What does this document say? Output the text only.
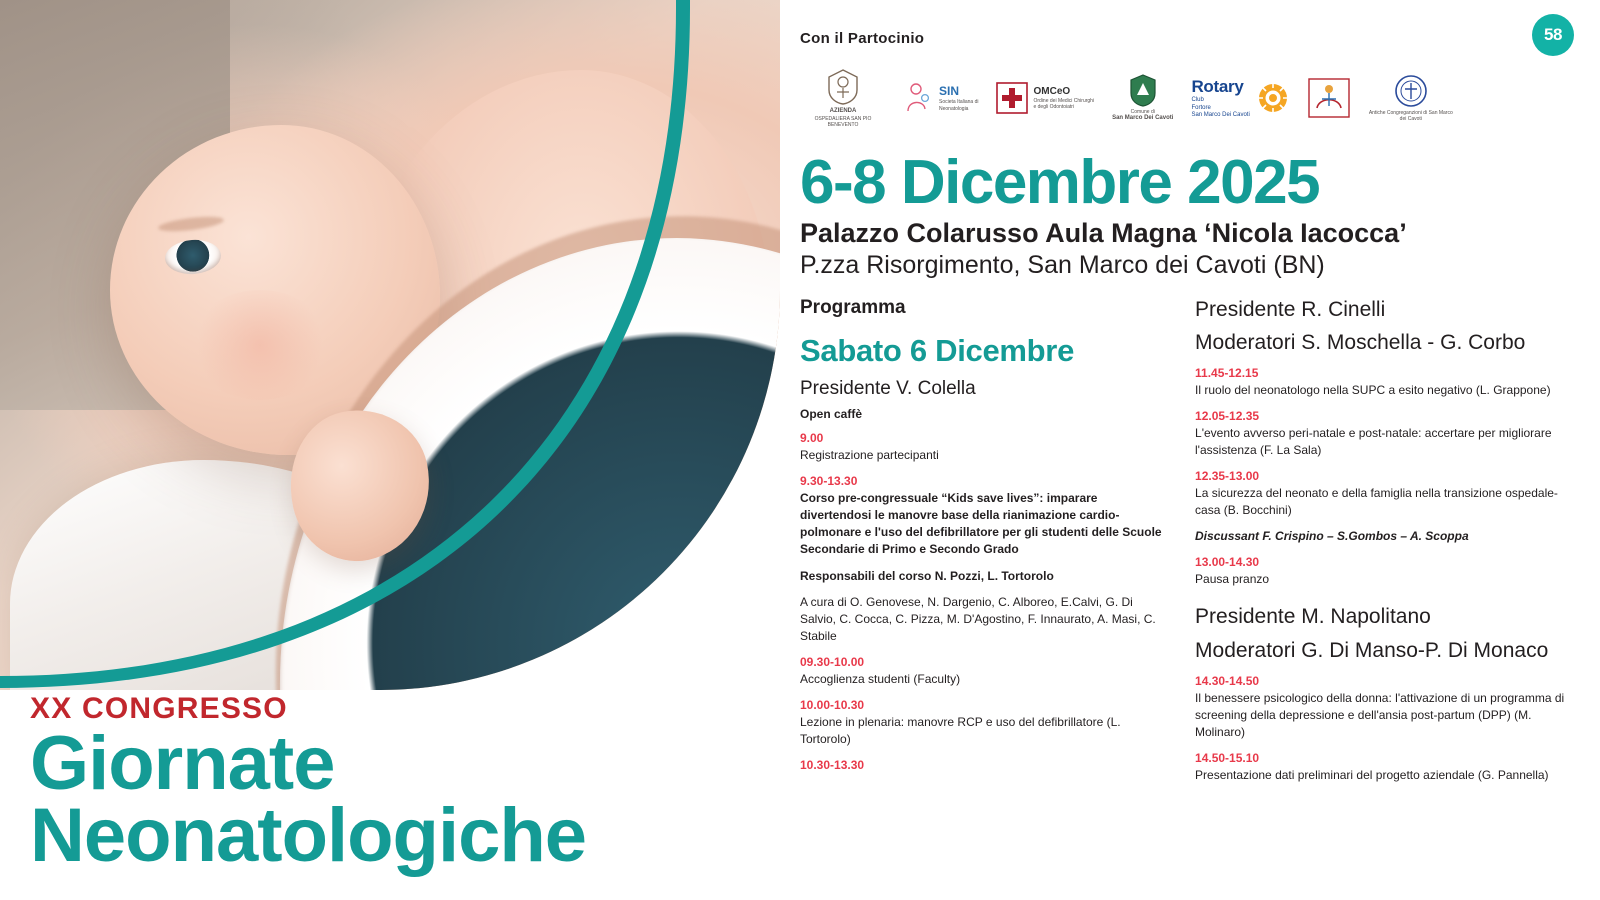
XX CONGRESSO
Giornate
Neonatologiche
58
Con il Partocinio
AZIENDA
OSPEDALIERA SAN PIO BENEVENTO
SIN
Societa Italiana di
Neonatologia
OMCeO
Ordine dei Medici Chirurghi
e degli Odontoiatri
Comune di
San Marco Dei Cavoti
Rotary
Club
Fortore
San Marco Dei Cavoti	Antiche Congreganzioni di San Marco dei Cavoti
6-8 Dicembre 2025
Palazzo Colarusso Aula Magna ‘Nicola Iacocca’
P.zza Risorgimento, San Marco dei Cavoti (BN)
Programma
Sabato 6 Dicembre
Presidente V. Colella
Open caffè
9.00
Registrazione partecipanti
9.30-13.30
Corso pre-congressuale “Kids save lives”: imparare divertendosi le manovre base della rianimazione cardio-polmonare e l'uso del defibrillatore per gli studenti delle Scuole Secondarie di Primo e Secondo Grado
Responsabili del corso N. Pozzi, L. Tortorolo
A cura di O. Genovese, N. Dargenio, C. Alboreo, E.Calvi, G. Di Salvio, C. Cocca, C. Pizza, M. D'Agostino, F. Innaurato, A. Masi, C. Stabile
09.30-10.00
Accoglienza studenti (Faculty)
10.00-10.30
Lezione in plenaria: manovre RCP e uso del defibrillatore (L. Tortorolo)
10.30-13.30
Presidente R. Cinelli
Moderatori S. Moschella - G. Corbo
11.45-12.15
Il ruolo del neonatologo nella SUPC a esito negativo (L. Grappone)
12.05-12.35
L'evento avverso peri-natale e post-natale: accertare per migliorare l'assistenza (F. La Sala)
12.35-13.00
La sicurezza del neonato e della famiglia nella transizione ospedale-casa (B. Bocchini)
Discussant F. Crispino – S.Gombos – A. Scoppa
13.00-14.30
Pausa pranzo
Presidente M. Napolitano
Moderatori G. Di Manso-P. Di Monaco
14.30-14.50
Il benessere psicologico della donna: l'attivazione di un programma di screening della depressione e dell'ansia post-partum (DPP) (M. Molinaro)
14.50-15.10
Presentazione dati preliminari del progetto aziendale (G. Pannella)
